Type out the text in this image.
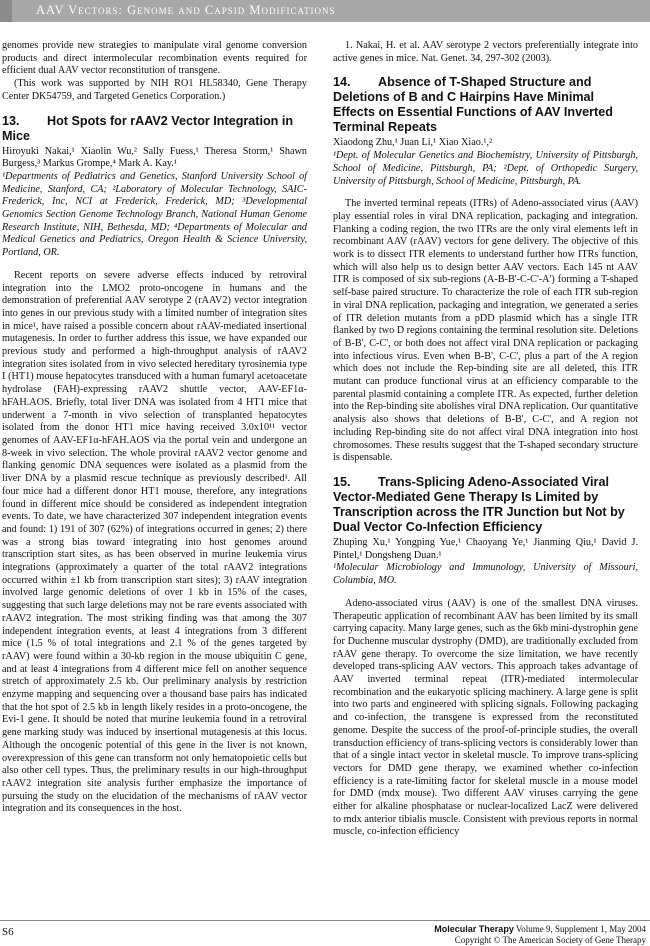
AAV Vectors: Genome and Capsid Modifications

genomes provide new strategies to manipulate viral genome conversion products and direct intermolecular recombination events required for efficient dual AAV vector reconstitution of transgene.

(This work was supported by NIH RO1 HL58340, Gene Therapy Center DK54759, and Targeted Genetics Corporation.)

13. Hot Spots for rAAV2 Vector Integration in Mice

Hiroyuki Nakai,¹ Xiaolin Wu,² Sally Fuess,¹ Theresa Storm,¹ Shawn Burgess,³ Markus Grompe,⁴ Mark A. Kay.¹

¹Departments of Pediatrics and Genetics, Stanford University School of Medicine, Stanford, CA; ²Laboratory of Molecular Technology, SAIC-Frederick, Inc, NCI at Frederick, Frederick, MD; ³Developmental Genomics Section Genome Technology Branch, National Human Genome Research Institute, NIH, Bethesda, MD; ⁴Departments of Molecular and Medical Genetics and Pediatrics, Oregon Health & Science University, Portland, OR.

Recent reports on severe adverse effects induced by retroviral integration into the LMO2 proto-oncogene in humans and the demonstration of preferential AAV serotype 2 (rAAV2) vector integration into genes in our previous study with a limited number of integration sites in mice¹, have raised a possible concern about rAAV-mediated insertional mutagenesis. In order to further address this issue, we have expanded our previous study and performed a high-throughput analysis of rAAV2 integration sites isolated from in vivo selected hereditary tyrosinemia type I (HT1) mouse hepatocytes transduced with a human fumaryl acetoacetate hydrolase (FAH)-expressing rAAV2 shuttle vector, AAV-EF1α-hFAH.AOS. Briefly, total liver DNA was isolated from 4 HT1 mice that underwent a 7-month in vivo selection of transplanted hepatocytes isolated from the donor HT1 mice having received 3.0x10¹¹ vector genomes of AAV-EF1α-hFAH.AOS via the portal vein and undergone an 8-week in vivo selection. The whole proviral rAAV2 vector genome and flanking genomic DNA sequences were isolated as a plasmid from the liver DNA by a plasmid rescue technique as previously described¹. All four mice had a different donor HT1 mouse, therefore, any integrations found in different mice should be considered as independent integration events. To date, we have characterized 307 independent integration events and found: 1) 191 of 307 (62%) of integrations occurred in genes; 2) there was a strong bias toward integrating into host genomes around transcription start sites, as has been observed in murine leukemia virus integrations (approximately a quarter of the total rAAV2 integrations occurred within ±1 kb from transcription start sites); 3) rAAV integration involved large genomic deletions of over 1 kb in 15% of the cases, suggesting that such large deletions may not be rare events associated with rAAV2 integration. The most striking finding was that among the 307 independent integration events, at least 4 integrations from 3 different mice (1.5 % of total integrations and 2.1 % of the genes targeted by rAAV) were found within a 30-kb region in the mouse ubiquitin C gene, and at least 4 integrations from 4 different mice fell on another sequence stretch of approximately 2.5 kb. Our preliminary analysis by restriction enzyme mapping and sequencing over a thousand base pairs has indicated that the hot spot of 2.5 kb in length likely resides in a proto-oncogene, the Evi-1 gene. It should be noted that murine leukemia found in a retroviral gene marking study was induced by insertional mutagenesis at this locus. Although the oncogenic potential of this gene in the liver is not known, overexpression of this gene can transform not only hematopoietic cells but also other cell types. Thus, the preliminary results in our high-throughput rAAV2 integration site analysis further emphasize the importance of pursuing the study on the elucidation of the mechanisms of rAAV vector integration and its consequences in the host.

1. Nakai, H. et al. AAV serotype 2 vectors preferentially integrate into active genes in mice. Nat. Genet. 34, 297-302 (2003).

14. Absence of T-Shaped Structure and Deletions of B and C Hairpins Have Minimal Effects on Essential Functions of AAV Inverted Terminal Repeats

Xiaodong Zhu,¹ Juan Li,¹ Xiao Xiao.¹,²

¹Dept. of Molecular Genetics and Biochemistry, University of Pittsburgh, School of Medicine, Pittsburgh, PA; ²Dept. of Orthopedic Surgery, University of Pittsburgh, School of Medicine, Pittsburgh, PA.

The inverted terminal repeats (ITRs) of Adeno-associated virus (AAV) play essential roles in viral DNA replication, packaging and integration. Flanking a coding region, the two ITRs are the only viral elements left in recombinant AAV (rAAV) vectors for gene delivery. The objective of this work is to dissect ITR elements to understand further how ITRs function, which will also help us to design better AAV vectors. Each 145 nt AAV ITR is composed of six sub-regions (A-B-B'-C-C'-A') forming a T-shaped self-base paired structure. To characterize the role of each ITR sub-region in viral DNA replication, packaging and integration, we generated a series of ITR deletion mutants from a pDD plasmid which has a single ITR flanked by two D regions containing the terminal resolution site. Deletions of B-B', C-C', or both does not affect viral DNA replication or packaging into infectious virus. Even when B-B', C-C', plus a part of the A region which does not include the Rep-binding site are all deleted, this ITR mutant can produce functional virus at an efficiency comparable to the parental plasmid containing a complete ITR. As expected, further deletion into the Rep-binding site abolishes viral DNA replication. Our quantitative analysis also shows that deletions of B-B', C-C', and A region not including Rep-binding site do not affect viral DNA integration into host chromosomes. These results suggest that the T-shaped secondary structure is dispensable.

15. Trans-Splicing Adeno-Associated Viral Vector-Mediated Gene Therapy Is Limited by Transcription across the ITR Junction but Not by Dual Vector Co-Infection Efficiency

Zhuping Xu,¹ Yongping Yue,¹ Chaoyang Ye,¹ Jianming Qiu,¹ David J. Pintel,¹ Dongsheng Duan.¹

¹Molecular Microbiology and Immunology, University of Missouri, Columbia, MO.

Adeno-associated virus (AAV) is one of the smallest DNA viruses. Therapeutic application of recombinant AAV has been limited by its small carrying capacity. Many large genes, such as the 6kb mini-dystrophin gene for Duchenne muscular dystrophy (DMD), are traditionally excluded from rAAV gene therapy. To overcome the size limitation, we have recently developed trans-splicing AAV vectors. This approach takes advantage of AAV inverted terminal repeat (ITR)-mediated intermolecular recombination and the eukaryotic splicing machinery. A large gene is split into two parts and engineered with splicing signals. Following packaging and co-infection, the transgene is expressed from the reconstituted genome. Despite the success of the proof-of-principle studies, the overall transduction efficiency of trans-splicing vectors is considerably lower than that of a single intact vector in skeletal muscle. To improve trans-splicing vectors for DMD gene therapy, we examined whether co-infection efficiency is a rate-limiting factor for skeletal muscle in a mouse model for DMD (mdx mouse). Two different AAV viruses carrying the gene either for alkaline phosphatase or nuclear-localized LacZ were delivered to mdx anterior tibialis muscle. Consistent with previous reports in normal muscle, co-infection efficiency

S6	Molecular Therapy Volume 9, Supplement 1, May 2004
Copyright © The American Society of Gene Therapy
